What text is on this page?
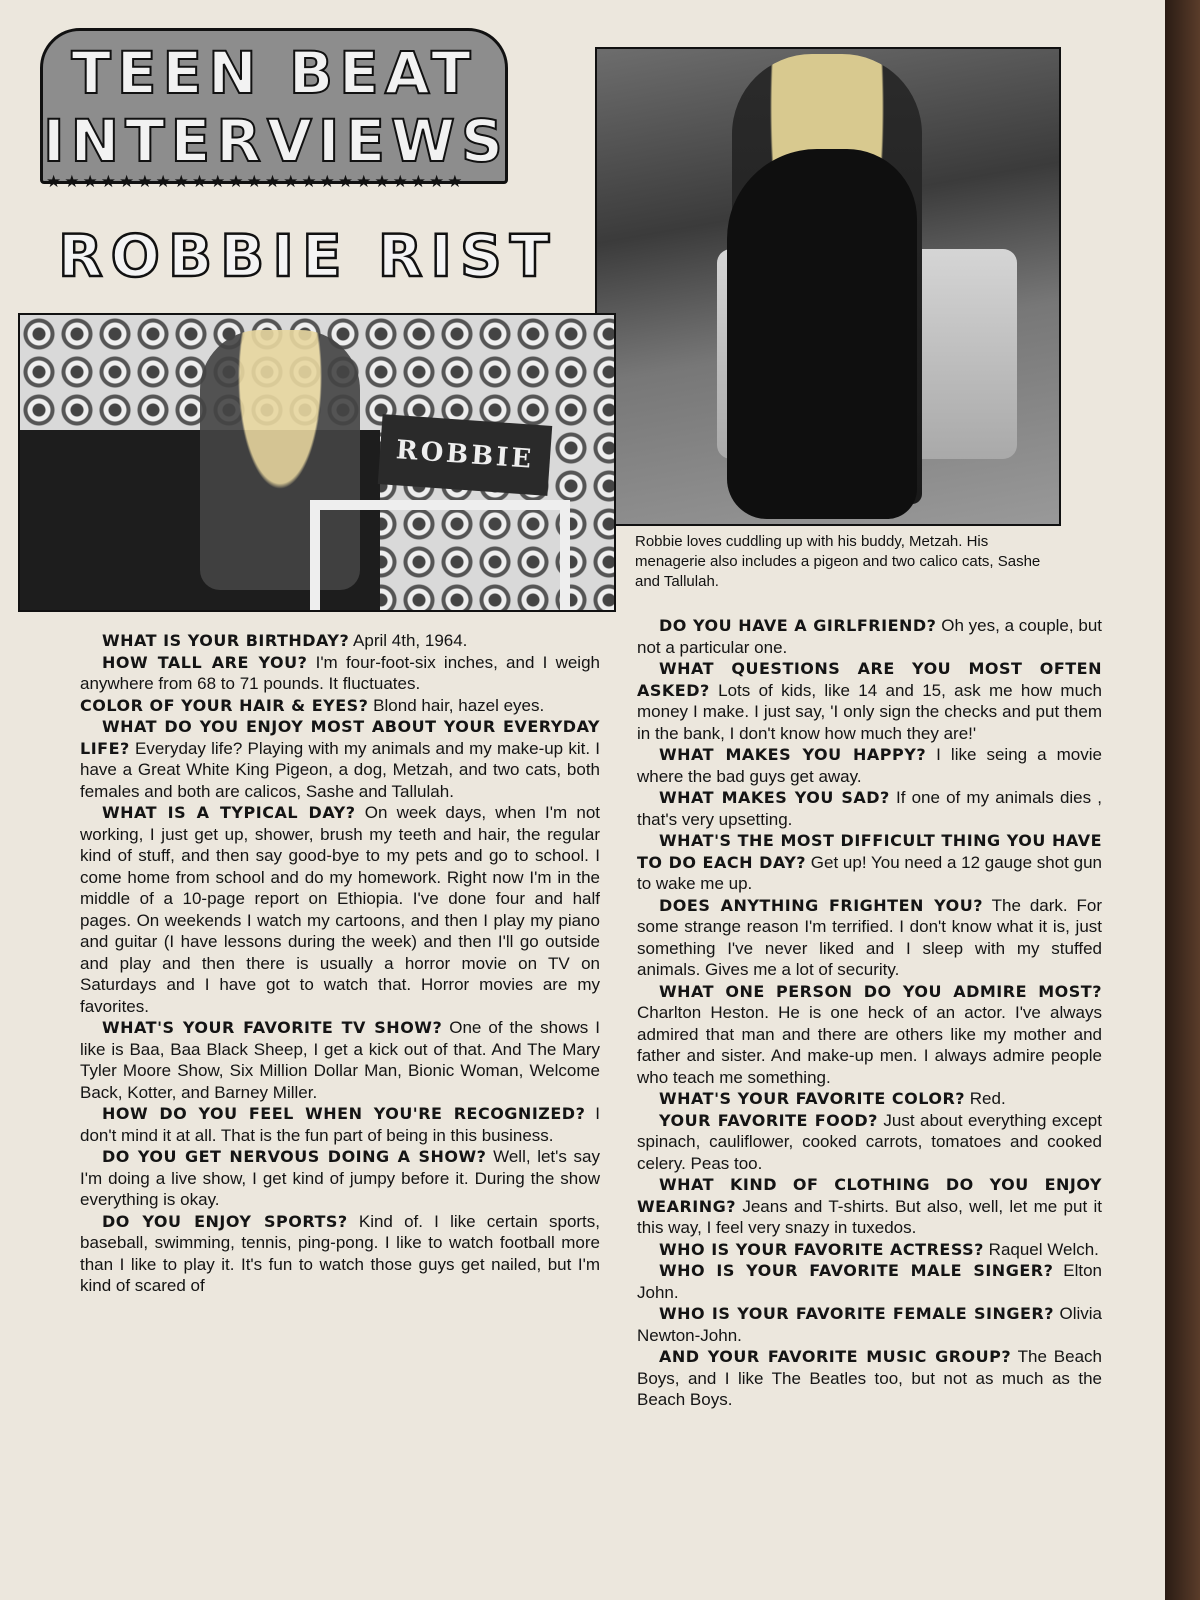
TEEN BEAT
INTERVIEWS
★★★★★★★★★★★★★★★★★★★★★★★
ROBBIE RIST

Robbie loves cuddling up with his buddy, Metzah. His menagerie also includes a pigeon and two calico cats, Sashe and Tallulah.

ROBBIE

WHAT IS YOUR BIRTHDAY? April 4th, 1964.

HOW TALL ARE YOU? I'm four-foot-six inches, and I weigh anywhere from 68 to 71 pounds. It fluctuates.

COLOR OF YOUR HAIR & EYES? Blond hair, hazel eyes.

WHAT DO YOU ENJOY MOST ABOUT YOUR EVERYDAY LIFE? Everyday life? Playing with my animals and my make-up kit. I have a Great White King Pigeon, a dog, Metzah, and two cats, both females and both are calicos, Sashe and Tallulah.

WHAT IS A TYPICAL DAY? On week days, when I'm not working, I just get up, shower, brush my teeth and hair, the regular kind of stuff, and then say good-bye to my pets and go to school. I come home from school and do my homework. Right now I'm in the middle of a 10-page report on Ethiopia. I've done four and half pages. On weekends I watch my cartoons, and then I play my piano and guitar (I have lessons during the week) and then I'll go outside and play and then there is usually a horror movie on TV on Saturdays and I have got to watch that. Horror movies are my favorites.

WHAT'S YOUR FAVORITE TV SHOW? One of the shows I like is Baa, Baa Black Sheep, I get a kick out of that. And The Mary Tyler Moore Show, Six Million Dollar Man, Bionic Woman, Welcome Back, Kotter, and Barney Miller.

HOW DO YOU FEEL WHEN YOU'RE RECOGNIZED? I don't mind it at all. That is the fun part of being in this business.

DO YOU GET NERVOUS DOING A SHOW? Well, let's say I'm doing a live show, I get kind of jumpy before it. During the show everything is okay.

DO YOU ENJOY SPORTS? Kind of. I like certain sports, baseball, swimming, tennis, ping-pong. I like to watch football more than I like to play it. It's fun to watch those guys get nailed, but I'm kind of scared of

DO YOU HAVE A GIRLFRIEND? Oh yes, a couple, but not a particular one.

WHAT QUESTIONS ARE YOU MOST OFTEN ASKED? Lots of kids, like 14 and 15, ask me how much money I make. I just say, 'I only sign the checks and put them in the bank, I don't know how much they are!'

WHAT MAKES YOU HAPPY? I like seing a movie where the bad guys get away.

WHAT MAKES YOU SAD? If one of my animals dies , that's very upsetting.

WHAT'S THE MOST DIFFICULT THING YOU HAVE TO DO EACH DAY? Get up! You need a 12 gauge shot gun to wake me up.

DOES ANYTHING FRIGHTEN YOU? The dark. For some strange reason I'm terrified. I don't know what it is, just something I've never liked and I sleep with my stuffed animals. Gives me a lot of security.

WHAT ONE PERSON DO YOU ADMIRE MOST? Charlton Heston. He is one heck of an actor. I've always admired that man and there are others like my mother and father and sister. And make-up men. I always admire people who teach me something.

WHAT'S YOUR FAVORITE COLOR? Red.

YOUR FAVORITE FOOD? Just about everything except spinach, cauliflower, cooked carrots, tomatoes and cooked celery. Peas too.

WHAT KIND OF CLOTHING DO YOU ENJOY WEARING? Jeans and T-shirts. But also, well, let me put it this way, I feel very snazy in tuxedos.

WHO IS YOUR FAVORITE ACTRESS? Raquel Welch.

WHO IS YOUR FAVORITE MALE SINGER? Elton John.

WHO IS YOUR FAVORITE FEMALE SINGER? Olivia Newton-John.

AND YOUR FAVORITE MUSIC GROUP? The Beach Boys, and I like The Beatles too, but not as much as the Beach Boys.
